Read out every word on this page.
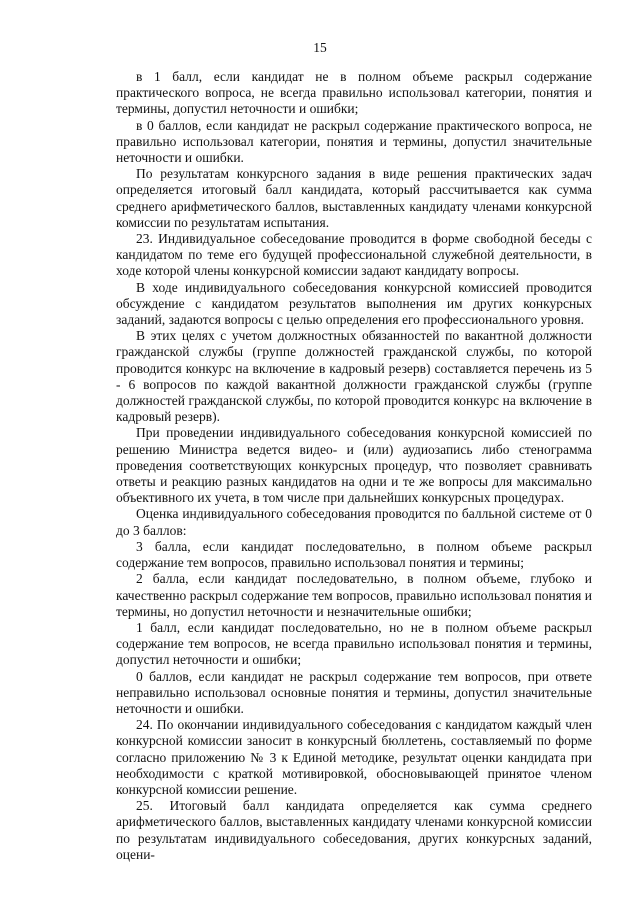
15

в 1 балл, если кандидат не в полном объеме раскрыл содержание практического вопроса, не всегда правильно использовал категории, понятия и термины, допустил неточности и ошибки;

в 0 баллов, если кандидат не раскрыл содержание практического вопроса, не правильно использовал категории, понятия и термины, допустил значительные неточности и ошибки.

По результатам конкурсного задания в виде решения практических задач определяется итоговый балл кандидата, который рассчитывается как сумма среднего арифметического баллов, выставленных кандидату членами конкурсной комиссии по результатам испытания.

23. Индивидуальное собеседование проводится в форме свободной беседы с кандидатом по теме его будущей профессиональной служебной деятельности, в ходе которой члены конкурсной комиссии задают кандидату вопросы.

В ходе индивидуального собеседования конкурсной комиссией проводится обсуждение с кандидатом результатов выполнения им других конкурсных заданий, задаются вопросы с целью определения его профессионального уровня.

В этих целях с учетом должностных обязанностей по вакантной должности гражданской службы (группе должностей гражданской службы, по которой проводится конкурс на включение в кадровый резерв) составляется перечень из 5 - 6 вопросов по каждой вакантной должности гражданской службы (группе должностей гражданской службы, по которой проводится конкурс на включение в кадровый резерв).

При проведении индивидуального собеседования конкурсной комиссией по решению Министра ведется видео- и (или) аудиозапись либо стенограмма проведения соответствующих конкурсных процедур, что позволяет сравнивать ответы и реакцию разных кандидатов на одни и те же вопросы для максимально объективного их учета, в том числе при дальнейших конкурсных процедурах.

Оценка индивидуального собеседования проводится по балльной системе от 0 до 3 баллов:

3 балла, если кандидат последовательно, в полном объеме раскрыл содержание тем вопросов, правильно использовал понятия и термины;

2 балла, если кандидат последовательно, в полном объеме, глубоко и качественно раскрыл содержание тем вопросов, правильно использовал понятия и термины, но допустил неточности и незначительные ошибки;

1 балл, если кандидат последовательно, но не в полном объеме раскрыл содержание тем вопросов, не всегда правильно использовал понятия и термины, допустил неточности и ошибки;

0 баллов, если кандидат не раскрыл содержание тем вопросов, при ответе неправильно использовал основные понятия и термины, допустил значительные неточности и ошибки.

24. По окончании индивидуального собеседования с кандидатом каждый член конкурсной комиссии заносит в конкурсный бюллетень, составляемый по форме согласно приложению № 3 к Единой методике, результат оценки кандидата при необходимости с краткой мотивировкой, обосновывающей принятое членом конкурсной комиссии решение.

25. Итоговый балл кандидата определяется как сумма среднего арифметического баллов, выставленных кандидату членами конкурсной комиссии по результатам индивидуального собеседования, других конкурсных заданий, оцени-
